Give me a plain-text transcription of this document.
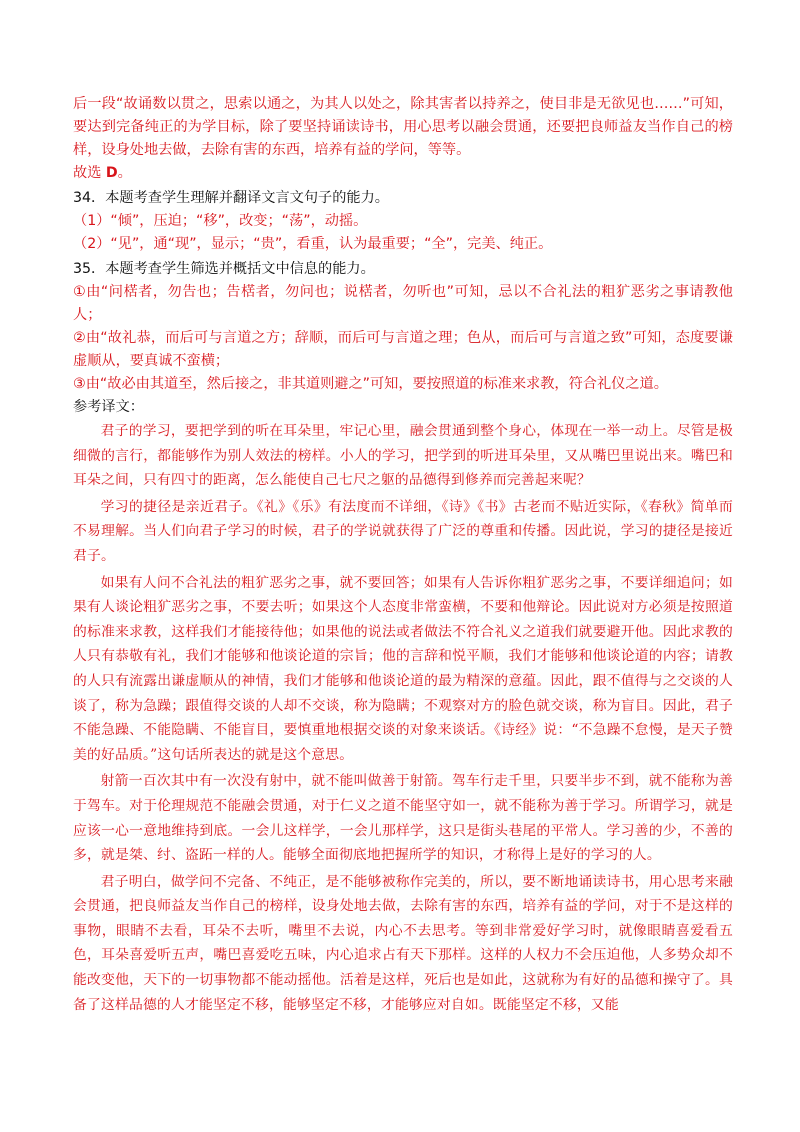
后一段“故诵数以贯之，思索以通之，为其人以处之，除其害者以持养之，使目非是无欲见也……”可知，要达到完备纯正的为学目标，除了要坚持诵读诗书，用心思考以融会贯通，还要把良师益友当作自己的榜样，设身处地去做，去除有害的东西，培养有益的学问，等等。

故选 D。

34．本题考查学生理解并翻译文言文句子的能力。

（1）“倾”，压迫；“移”，改变；“荡”，动摇。

（2）“见”，通“现”，显示；“贵”，看重，认为最重要；“全”，完美、纯正。

35．本题考查学生筛选并概括文中信息的能力。

①由“问楛者，勿告也；告楛者，勿问也；说楛者，勿听也”可知，忌以不合礼法的粗犷恶劣之事请教他人；

②由“故礼恭，而后可与言道之方；辞顺，而后可与言道之理；色从，而后可与言道之致”可知，态度要谦虚顺从，要真诚不蛮横；

③由“故必由其道至，然后接之，非其道则避之”可知，要按照道的标准来求教，符合礼仪之道。

参考译文：

君子的学习，要把学到的听在耳朵里，牢记心里，融会贯通到整个身心，体现在一举一动上。尽管是极细微的言行，都能够作为别人效法的榜样。小人的学习，把学到的听进耳朵里，又从嘴巴里说出来。嘴巴和耳朵之间，只有四寸的距离，怎么能使自己七尺之躯的品德得到修养而完善起来呢？

学习的捷径是亲近君子。《礼》《乐》有法度而不详细，《诗》《书》古老而不贴近实际，《春秋》简单而不易理解。当人们向君子学习的时候，君子的学说就获得了广泛的尊重和传播。因此说，学习的捷径是接近君子。

如果有人问不合礼法的粗犷恶劣之事，就不要回答；如果有人告诉你粗犷恶劣之事，不要详细追问；如果有人谈论粗犷恶劣之事，不要去听；如果这个人态度非常蛮横，不要和他辩论。因此说对方必须是按照道的标准来求教，这样我们才能接待他；如果他的说法或者做法不符合礼义之道我们就要避开他。因此求教的人只有恭敬有礼，我们才能够和他谈论道的宗旨；他的言辞和悦平顺，我们才能够和他谈论道的内容；请教的人只有流露出谦虚顺从的神情，我们才能够和他谈论道的最为精深的意蕴。因此，跟不值得与之交谈的人谈了，称为急躁；跟值得交谈的人却不交谈，称为隐瞒；不观察对方的脸色就交谈，称为盲目。因此，君子不能急躁、不能隐瞒、不能盲目，要慎重地根据交谈的对象来谈话。《诗经》说：“不急躁不怠慢，是天子赞美的好品质。”这句话所表达的就是这个意思。

射箭一百次其中有一次没有射中，就不能叫做善于射箭。驾车行走千里，只要半步不到，就不能称为善于驾车。对于伦理规范不能融会贯通，对于仁义之道不能坚守如一，就不能称为善于学习。所谓学习，就是应该一心一意地维持到底。一会儿这样学，一会儿那样学，这只是街头巷尾的平常人。学习善的少，不善的多，就是桀、纣、盗跖一样的人。能够全面彻底地把握所学的知识，才称得上是好的学习的人。

君子明白，做学问不完备、不纯正，是不能够被称作完美的，所以，要不断地诵读诗书，用心思考来融会贯通，把良师益友当作自己的榜样，设身处地去做，去除有害的东西，培养有益的学问，对于不是这样的事物，眼睛不去看，耳朵不去听，嘴里不去说，内心不去思考。等到非常爱好学习时，就像眼睛喜爱看五色，耳朵喜爱听五声，嘴巴喜爱吃五味，内心追求占有天下那样。这样的人权力不会压迫他，人多势众却不能改变他，天下的一切事物都不能动摇他。活着是这样，死后也是如此，这就称为有好的品德和操守了。具备了这样品德的人才能坚定不移，能够坚定不移，才能够应对自如。既能坚定不移，又能
